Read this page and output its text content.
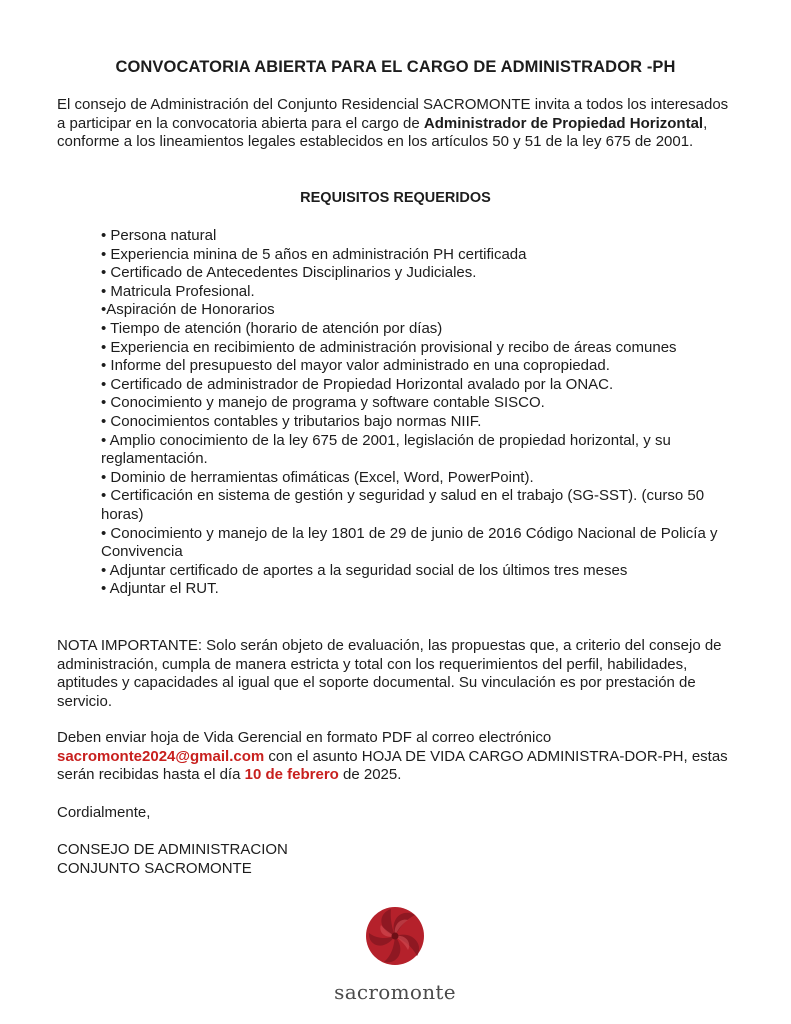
CONVOCATORIA ABIERTA PARA EL CARGO DE ADMINISTRADOR -PH

El consejo de Administración del Conjunto Residencial SACROMONTE invita a todos los interesados a participar en la convocatoria abierta para el cargo de Administrador de Propiedad Horizontal, conforme a los lineamientos legales establecidos en los artículos 50 y 51 de la ley 675 de 2001.

REQUISITOS REQUERIDOS
• Persona natural
• Experiencia minina de 5 años en administración PH certificada
• Certificado de Antecedentes Disciplinarios y Judiciales.
• Matricula Profesional.
•Aspiración de Honorarios
• Tiempo de atención (horario de atención por días)
• Experiencia en recibimiento de administración provisional y recibo de áreas comunes
• Informe del presupuesto del mayor valor administrado en una copropiedad.
• Certificado de administrador de Propiedad Horizontal avalado por la ONAC.
• Conocimiento y manejo de programa y software contable SISCO.
• Conocimientos contables y tributarios bajo normas NIIF.
• Amplio conocimiento de la ley 675 de 2001, legislación de propiedad horizontal, y su reglamentación.
• Dominio de herramientas ofimáticas (Excel, Word, PowerPoint).
• Certificación en sistema de gestión y seguridad y salud en el trabajo (SG-SST). (curso 50 horas)
• Conocimiento y manejo de la ley 1801 de 29 de junio de 2016 Código Nacional de Policía y Convivencia
• Adjuntar certificado de aportes a la seguridad social de los últimos tres meses
• Adjuntar el RUT.

NOTA IMPORTANTE: Solo serán objeto de evaluación, las propuestas que, a criterio del consejo de administración, cumpla de manera estricta y total con los requerimientos del perfil, habilidades, aptitudes y capacidades al igual que el soporte documental. Su vinculación es por prestación de servicio.

Deben enviar hoja de Vida Gerencial en formato PDF al correo electrónico sacromonte2024@gmail.com con el asunto HOJA DE VIDA CARGO ADMINISTRA-DOR-PH, estas serán recibidas hasta el día 10 de febrero de 2025.

Cordialmente,

CONSEJO DE ADMINISTRACION

CONJUNTO SACROMONTE

sacromonte
